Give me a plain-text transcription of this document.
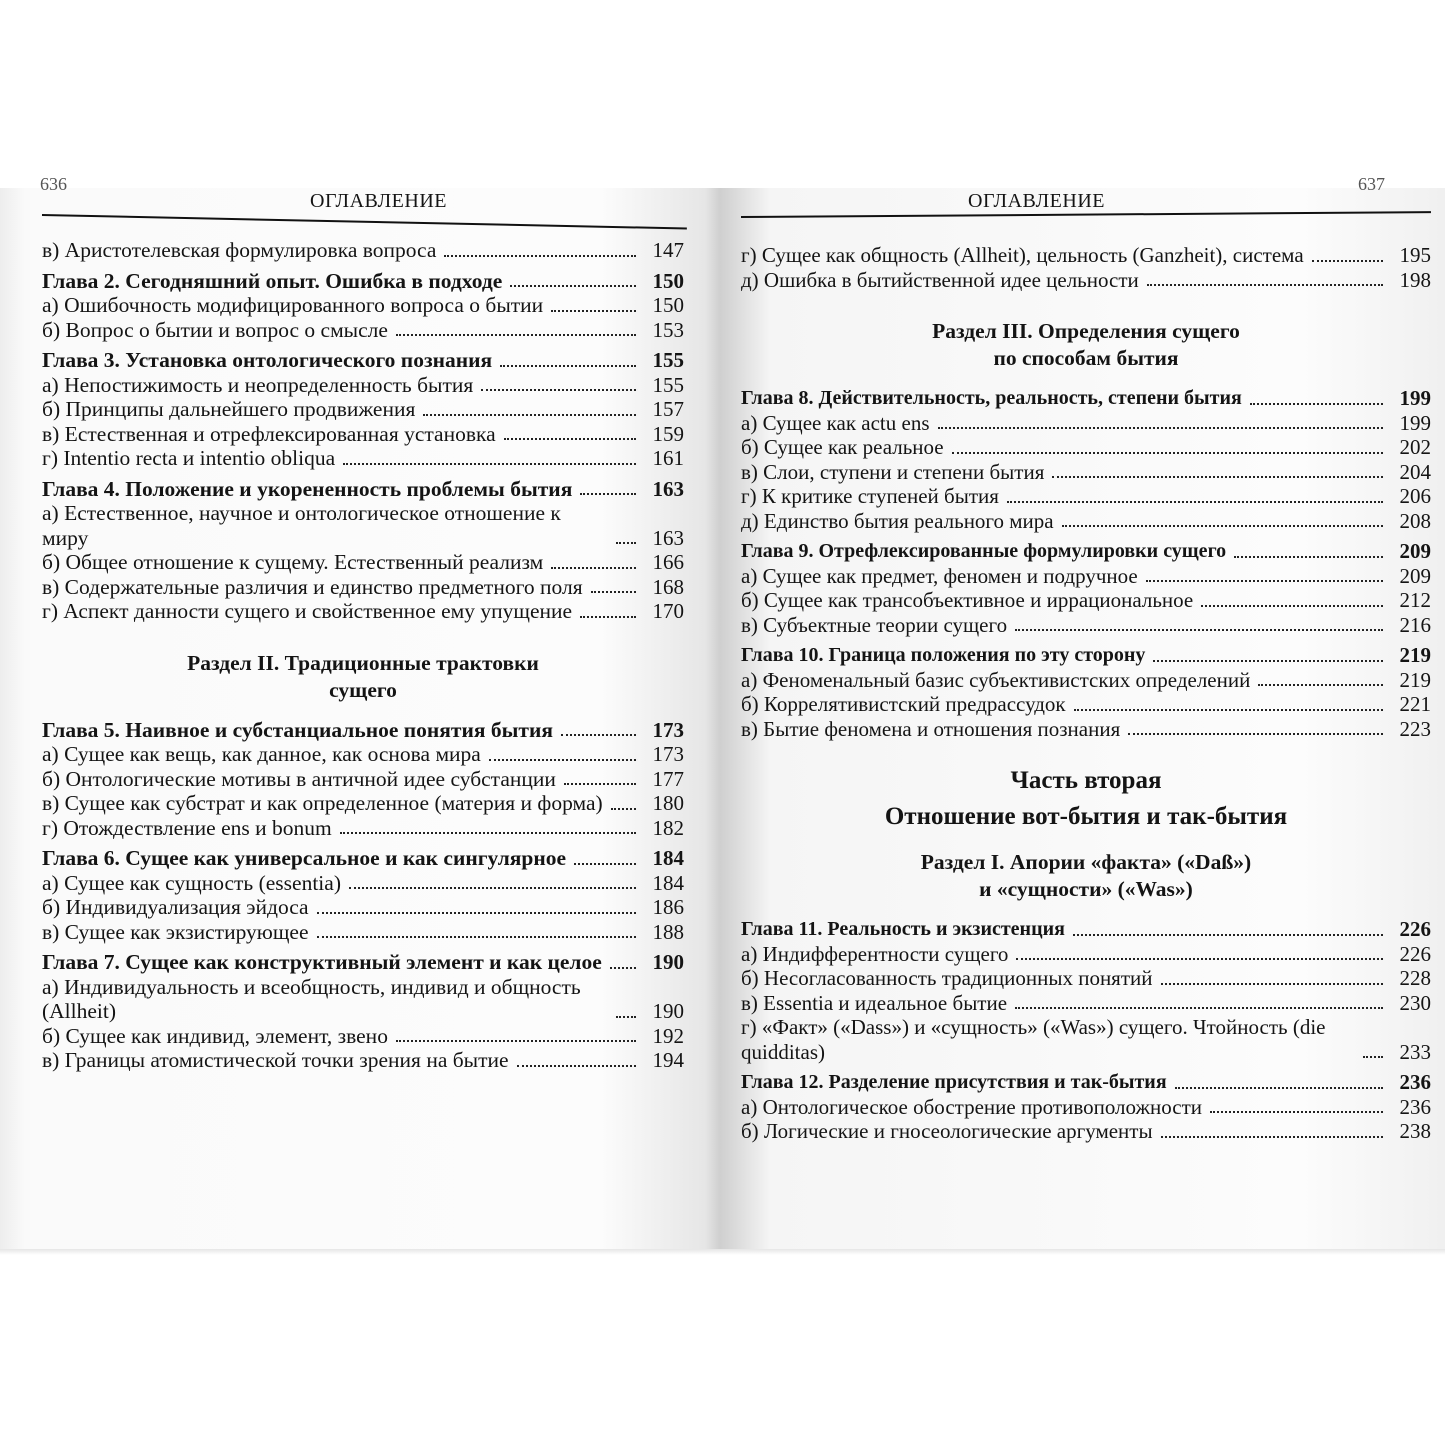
636
ОГЛАВЛЕНИЕ
в) Аристотелевская формулировка вопроса	147
Глава 2. Сегодняшний опыт. Ошибка в подходе	150
а) Ошибочность модифицированного вопроса о бытии	150
б) Вопрос о бытии и вопрос о смысле	153
Глава 3. Установка онтологического познания	155
а) Непостижимость и неопределенность бытия	155
б) Принципы дальнейшего продвижения	157
в) Естественная и отрефлексированная установка	159
г) Intentio recta и intentio obliqua	161
Глава 4. Положение и укорененность проблемы бытия	163
а) Естественное, научное и онтологическое отношение к миру	163
б) Общее отношение к сущему. Естественный реализм	166
в) Содержательные различия и единство предметного поля	168
г) Аспект данности сущего и свойственное ему упущение	170
Раздел II. Традиционные трактовки
сущего
Глава 5. Наивное и субстанциальное понятия бытия	173
а) Сущее как вещь, как данное, как основа мира	173
б) Онтологические мотивы в античной идее субстанции	177
в) Сущее как субстрат и как определенное (материя и форма)	180
г) Отождествление ens и bonum	182
Глава 6. Сущее как универсальное и как сингулярное	184
а) Сущее как сущность (essentia)	184
б) Индивидуализация эйдоса	186
в) Сущее как экзистирующее	188
Глава 7. Сущее как конструктивный элемент и как целое	190
а) Индивидуальность и всеобщность, индивид и общность (Allheit)	190
б) Сущее как индивид, элемент, звено	192
в) Границы атомистической точки зрения на бытие	194
637
ОГЛАВЛЕНИЕ
г) Сущее как общность (Allheit), цельность (Ganzheit), система	195
д) Ошибка в бытийственной идее цельности	198
Раздел III. Определения сущего
по способам бытия
Глава 8. Действительность, реальность, степени бытия	199
а) Сущее как actu ens	199
б) Сущее как реальное	202
в) Слои, ступени и степени бытия	204
г) К критике ступеней бытия	206
д) Единство бытия реального мира	208
Глава 9. Отрефлексированные формулировки сущего	209
а) Сущее как предмет, феномен и подручное	209
б) Сущее как трансобъективное и иррациональное	212
в) Субъектные теории сущего	216
Глава 10. Граница положения по эту сторону	219
а) Феноменальный базис субъективистских определений	219
б) Коррелятивистский предрассудок	221
в) Бытие феномена и отношения познания	223
Часть вторая
Отношение вот-бытия и так-бытия
Раздел I. Апории «факта» («Daß»)
и «сущности» («Was»)
Глава 11. Реальность и экзистенция	226
а) Индифферентности сущего	226
б) Несогласованность традиционных понятий	228
в) Essentia и идеальное бытие	230
г) «Факт» («Dass») и «сущность» («Was») сущего. Чтойность (die quidditas)	233
Глава 12. Разделение присутствия и так-бытия	236
а) Онтологическое обострение противоположности	236
б) Логические и гносеологические аргументы	238
